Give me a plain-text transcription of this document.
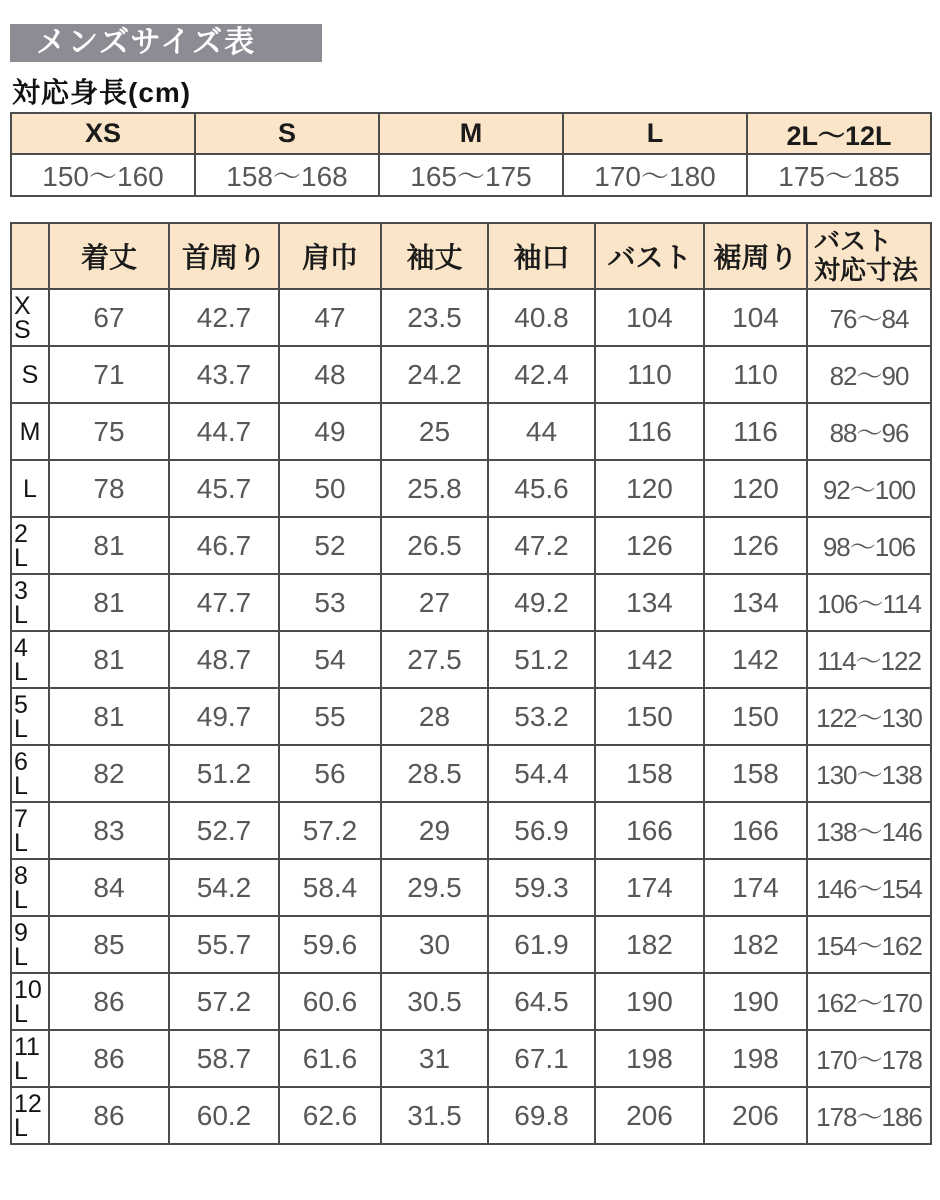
メンズサイズ表
対応身長(cm)
XS	S	M	L	2L〜12L
150〜160	158〜168	165〜175	170〜180	175〜185
	着丈	首周り	肩巾	袖丈	袖口	バスト	裾周り	バスト
対応寸法

X
S	67	42.7	47	23.5	40.8	104	104	76〜84
S	71	43.7	48	24.2	42.4	110	110	82〜90
M	75	44.7	49	25	44	116	116	88〜96
L	78	45.7	50	25.8	45.6	120	120	92〜100

2
L	81	46.7	52	26.5	47.2	126	126	98〜106

3
L	81	47.7	53	27	49.2	134	134	106〜114

4
L	81	48.7	54	27.5	51.2	142	142	114〜122

5
L	81	49.7	55	28	53.2	150	150	122〜130

6
L	82	51.2	56	28.5	54.4	158	158	130〜138

7
L	83	52.7	57.2	29	56.9	166	166	138〜146

8
L	84	54.2	58.4	29.5	59.3	174	174	146〜154

9
L	85	55.7	59.6	30	61.9	182	182	154〜162

10
L	86	57.2	60.6	30.5	64.5	190	190	162〜170

11
L	86	58.7	61.6	31	67.1	198	198	170〜178

12
L	86	60.2	62.6	31.5	69.8	206	206	178〜186
